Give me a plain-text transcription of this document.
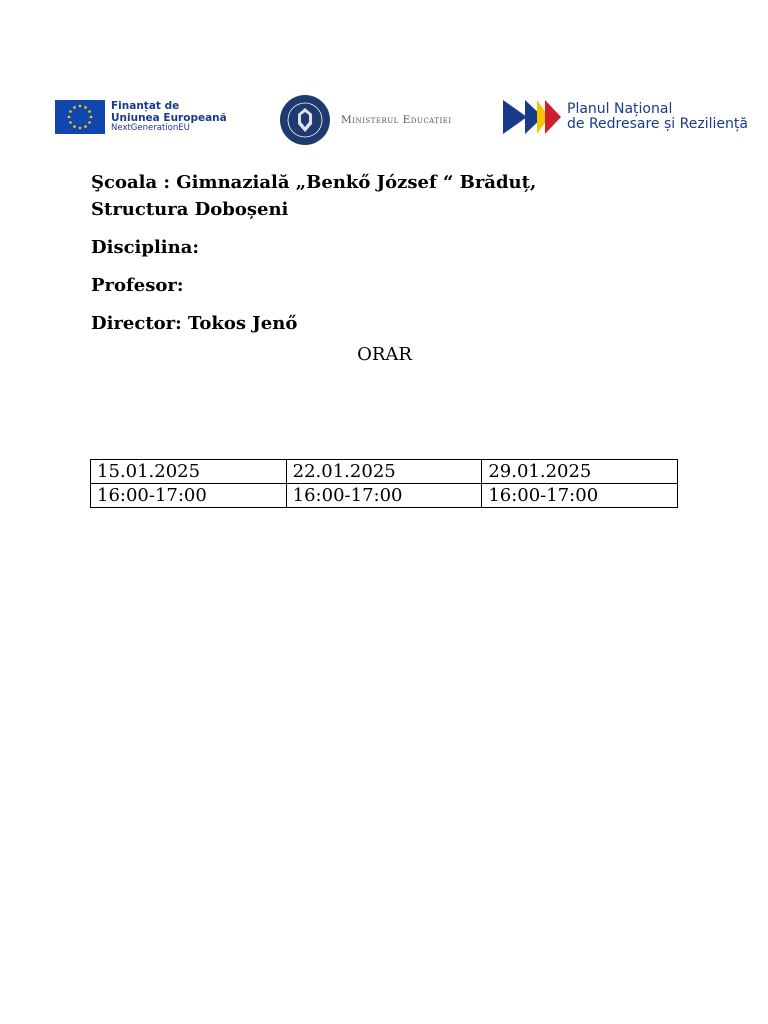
Finanțat de
Uniunea Europeană
NextGenerationEU
Ministerul Educației
Planul Național
de Redresare și Reziliență

Şcoala : Gimnazială „Benkő József “ Brăduț,
Structura Doboșeni

Disciplina:

Profesor:

Director: Tokos Jenő

ORAR
15.01.2025	22.01.2025	29.01.2025
16:00-17:00	16:00-17:00	16:00-17:00
